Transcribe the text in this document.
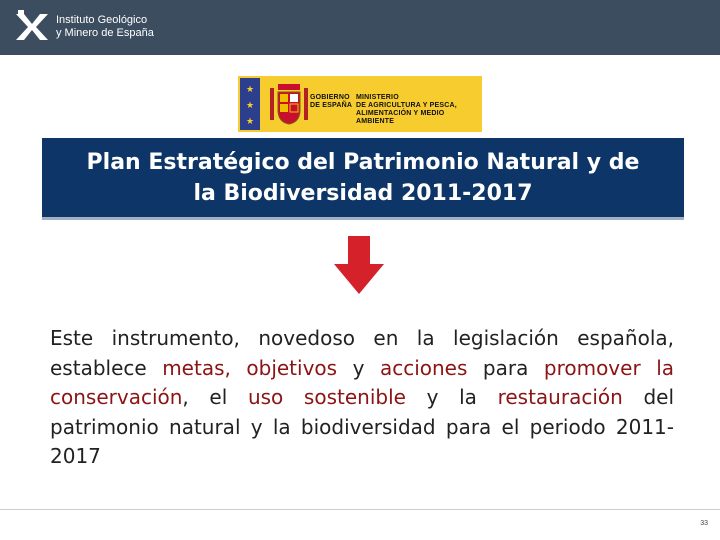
Instituto Geológico
y Minero de España
★
★
★
GOBIERNO
DE ESPAÑA
MINISTERIO
DE AGRICULTURA Y PESCA,
ALIMENTACIÓN Y MEDIO AMBIENTE

Plan Estratégico del Patrimonio Natural y de
la Biodiversidad 2011-2017

Este instrumento, novedoso en la legislación española, establece metas, objetivos y acciones para promover la conservación, el uso sostenible y la restauración del patrimonio natural y la biodiversidad para el periodo 2011-2017

33
